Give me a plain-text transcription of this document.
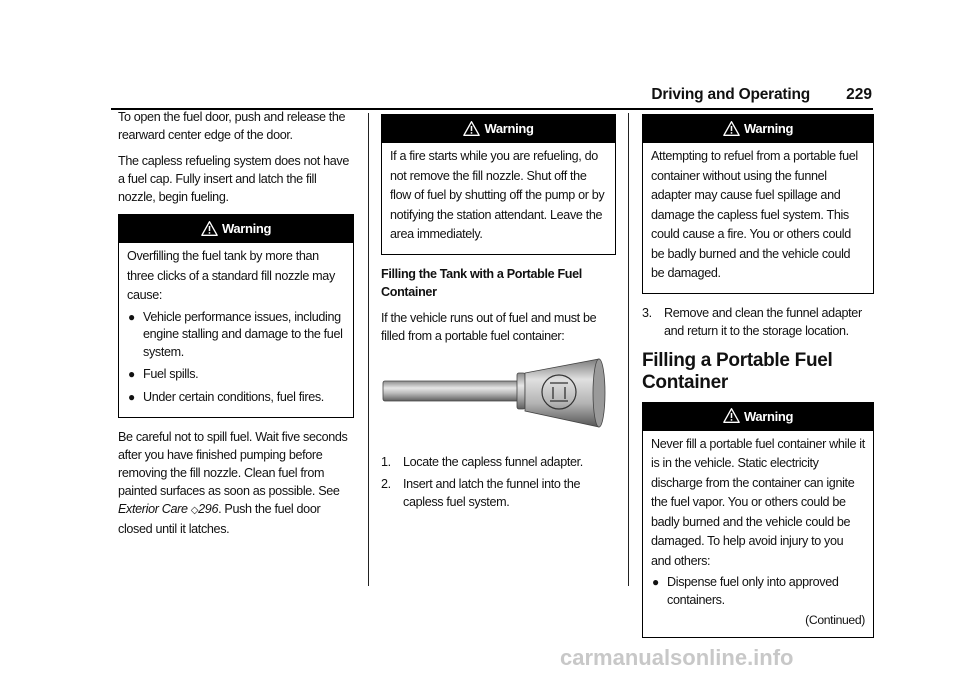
Driving and Operating 229

To open the fuel door, push and release the rearward center edge of the door.

The capless refueling system does not have a fuel cap. Fully insert and latch the fill nozzle, begin fueling.

Warning

Overfilling the fuel tank by more than three clicks of a standard fill nozzle may cause:

● Vehicle performance issues, including engine stalling and damage to the fuel system.
● Fuel spills.
● Under certain conditions, fuel fires.

Be careful not to spill fuel. Wait five seconds after you have finished pumping before removing the fill nozzle. Clean fuel from painted surfaces as soon as possible. See Exterior Care ◇296. Push the fuel door closed until it latches.

Warning

If a fire starts while you are refueling, do not remove the fill nozzle. Shut off the flow of fuel by shutting off the pump or by notifying the station attendant. Leave the area immediately.

Filling the Tank with a Portable Fuel Container

If the vehicle runs out of fuel and must be filled from a portable fuel container:

1. Locate the capless funnel adapter.
2. Insert and latch the funnel into the capless fuel system.
Warning

Attempting to refuel from a portable fuel container without using the funnel adapter may cause fuel spillage and damage the capless fuel system. This could cause a fire. You or others could be badly burned and the vehicle could be damaged.

3. Remove and clean the funnel adapter and return it to the storage location.
Filling a Portable Fuel Container
Warning

Never fill a portable fuel container while it is in the vehicle. Static electricity discharge from the container can ignite the fuel vapor. You or others could be badly burned and the vehicle could be damaged. To help avoid injury to you and others:

● Dispense fuel only into approved containers.
(Continued)
carmanualsonline.info
